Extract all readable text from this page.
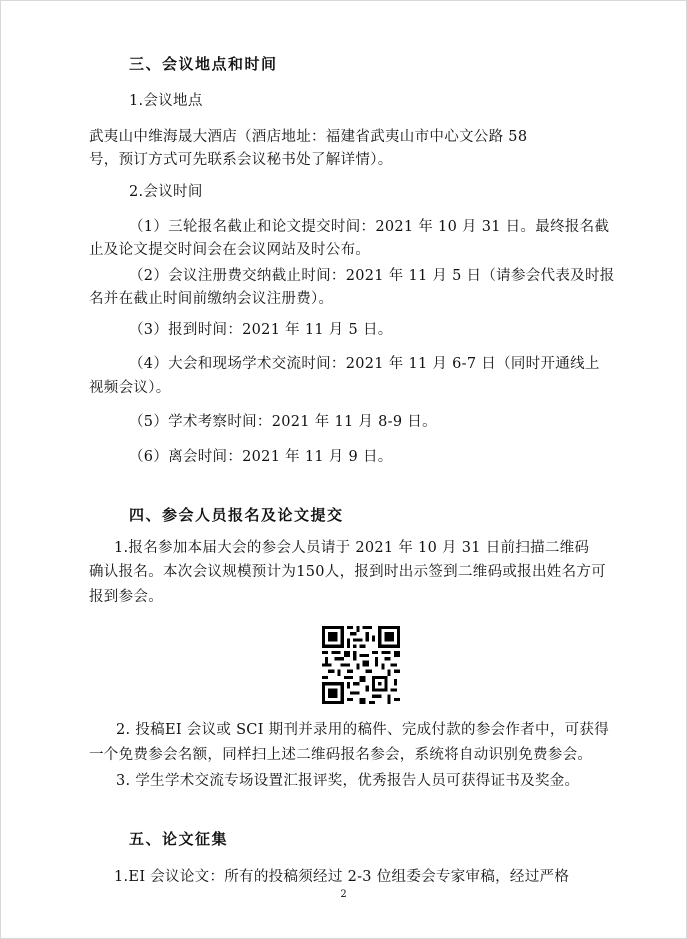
三、会议地点和时间
1.会议地点
武夷山中维海晟大酒店（酒店地址：福建省武夷山市中心文公路 58
号，预订方式可先联系会议秘书处了解详情）。
2.会议时间
（1）三轮报名截止和论文提交时间：2021 年 10 月 31 日。最终报名截
止及论文提交时间会在会议网站及时公布。
（2）会议注册费交纳截止时间：2021 年 11 月 5 日（请参会代表及时报
名并在截止时间前缴纳会议注册费）。
（3）报到时间：2021 年 11 月 5 日。
（4）大会和现场学术交流时间：2021 年 11 月 6-7 日（同时开通线上
视频会议）。
（5）学术考察时间：2021 年 11 月 8-9 日。
（6）离会时间：2021 年 11 月 9 日。
四、参会人员报名及论文提交
1.报名参加本届大会的参会人员请于 2021 年 10 月 31 日前扫描二维码
确认报名。本次会议规模预计为150人，报到时出示签到二维码或报出姓名方可
报到参会。
2. 投稿EI 会议或 SCI 期刊并录用的稿件、完成付款的参会作者中，可获得
一个免费参会名额，同样扫上述二维码报名参会，系统将自动识别免费参会。
3. 学生学术交流专场设置汇报评奖，优秀报告人员可获得证书及奖金。
五、论文征集
1.EI 会议论文：所有的投稿须经过 2-3 位组委会专家审稿，经过严格
2
